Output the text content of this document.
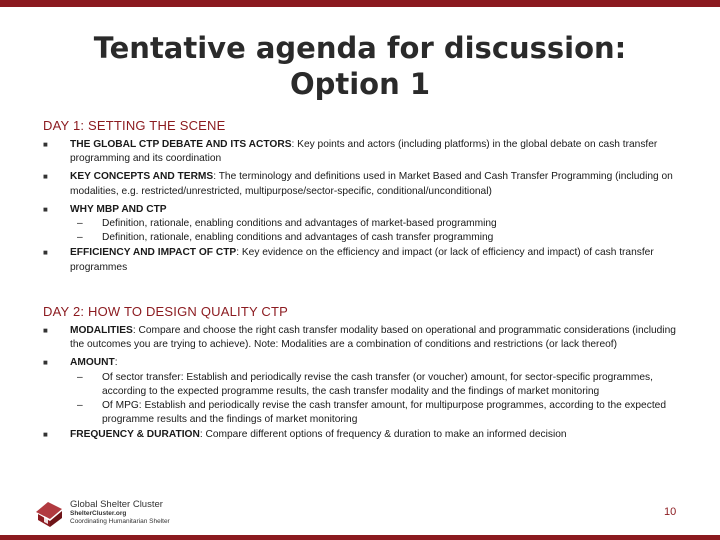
Tentative agenda for discussion:
Option 1
DAY 1: SETTING THE SCENE
■ THE GLOBAL CTP DEBATE AND ITS ACTORS: Key points and actors (including platforms) in the global debate on cash transfer programming and its coordination
■ KEY CONCEPTS AND TERMS: The terminology and definitions used in Market Based and Cash Transfer Programming (including on modalities, e.g. restricted/unrestricted, multipurpose/sector-specific, conditional/unconditional)
■ WHY MBP AND CTP
– Definition, rationale, enabling conditions and advantages of market-based programming
– Definition, rationale, enabling conditions and advantages of cash transfer programming
■ EFFICIENCY AND IMPACT OF CTP: Key evidence on the efficiency and impact (or lack of efficiency and impact) of cash transfer programmes
DAY 2: HOW TO DESIGN QUALITY CTP
■ MODALITIES: Compare and choose the right cash transfer modality based on operational and programmatic considerations (including the outcomes you are trying to achieve). Note: Modalities are a combination of conditions and restrictions (or lack thereof)
■ AMOUNT:
– Of sector transfer: Establish and periodically revise the cash transfer (or voucher) amount, for sector-specific programmes, according to the expected programme results, the cash transfer modality and the findings of market monitoring
– Of MPG: Establish and periodically revise the cash transfer amount, for multipurpose programmes, according to the expected programme results and the findings of market monitoring
■ FREQUENCY & DURATION: Compare different options of frequency & duration to make an informed decision
Global Shelter Cluster
ShelterCluster.org
Coordinating Humanitarian Shelter
10
